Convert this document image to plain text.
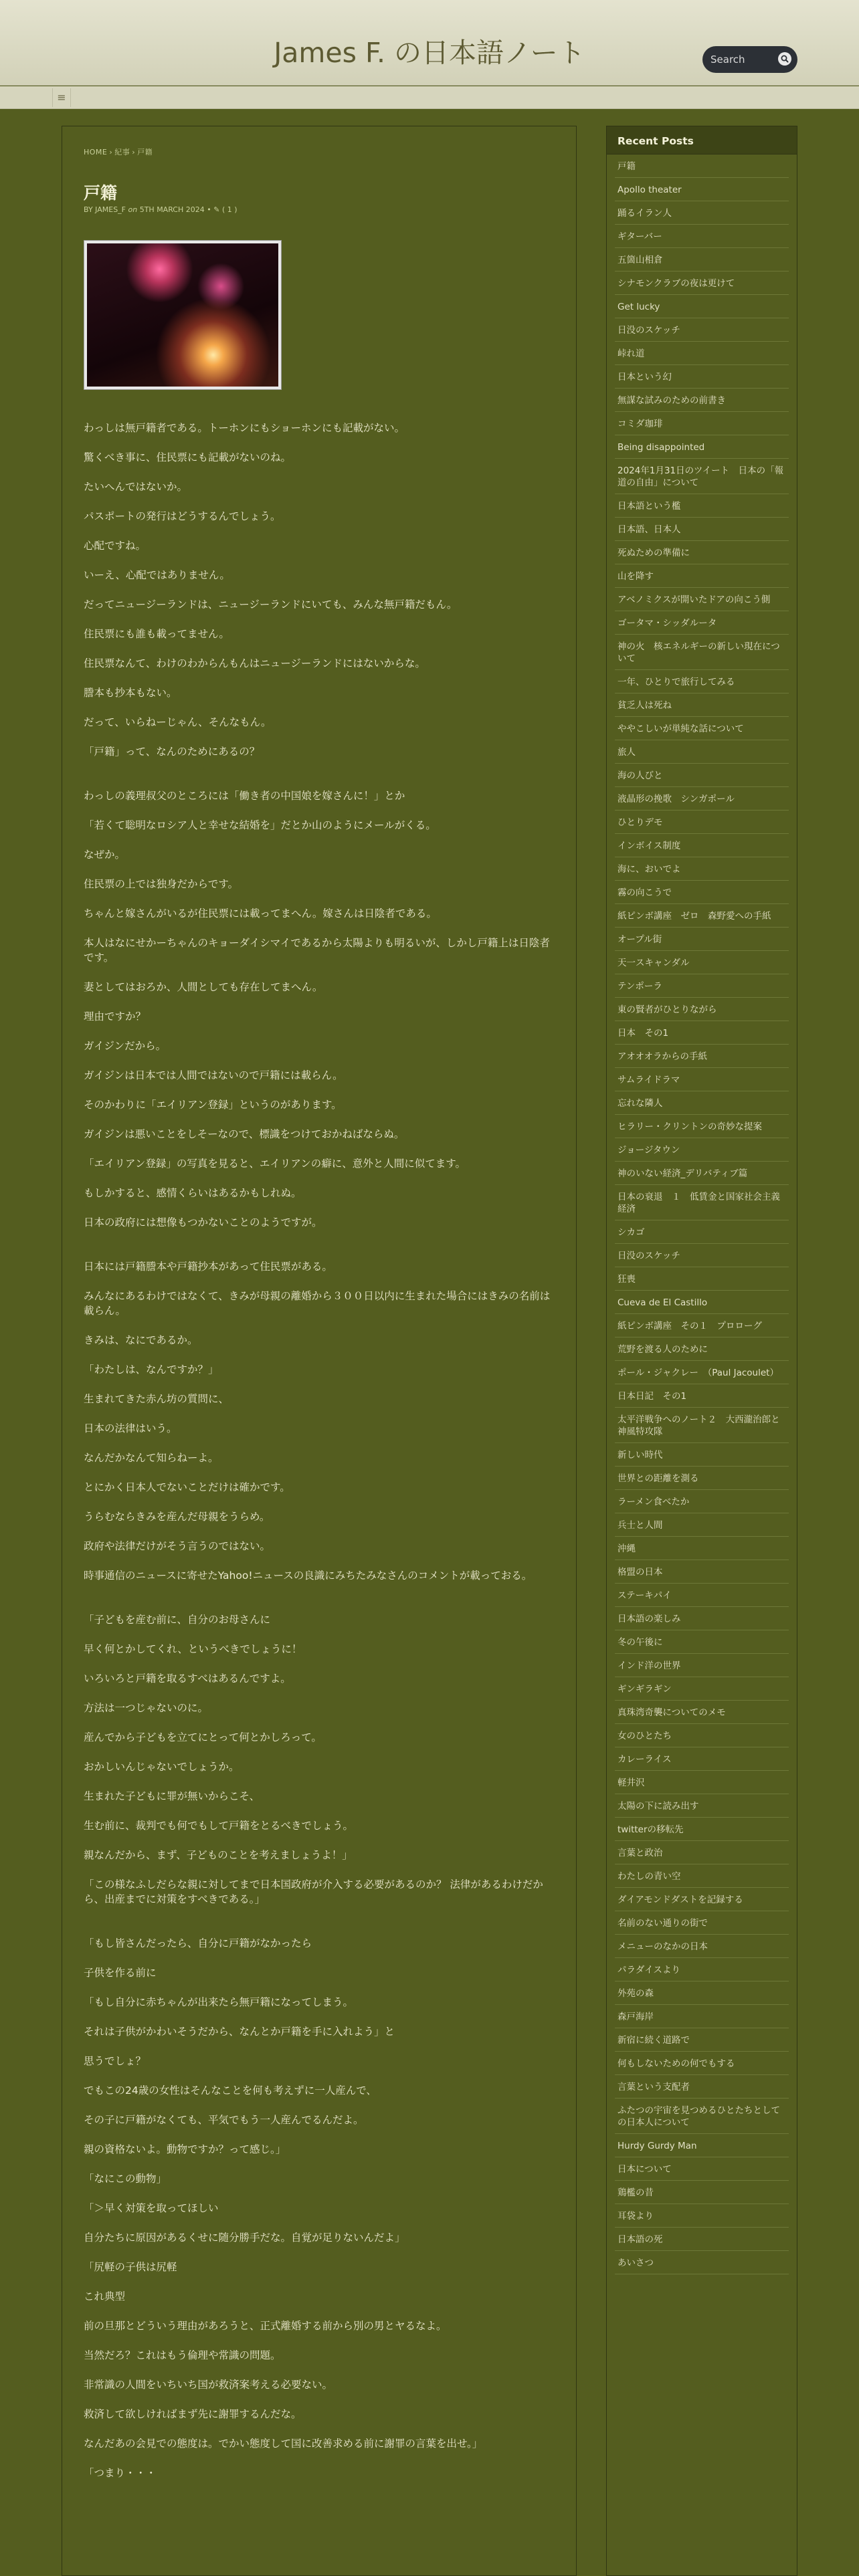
James F. の日本語ノート
Search
≡
HOME › 紀事 › 戸籍
戸籍
BY JAMES_F on 5TH MARCH 2024 • ✎ ( 1 )

わっしは無戸籍者である。トーホンにもショーホンにも記載がない。

驚くべき事に、住民票にも記載がないのね。

たいへんではないか。

パスポートの発行はどうするんでしょう。

心配ですね。

いーえ、心配ではありません。

だってニュージーランドは、ニュージーランドにいても、みんな無戸籍だもん。

住民票にも誰も載ってません。

住民票なんて、わけのわからんもんはニュージーランドにはないからな。

謄本も抄本もない。

だって、いらねーじゃん、そんなもん。

「戸籍」って、なんのためにあるの？

わっしの義理叔父のところには「働き者の中国娘を嫁さんに！」とか

「若くて聡明なロシア人と幸せな結婚を」だとか山のようにメールがくる。

なぜか。

住民票の上では独身だからです。

ちゃんと嫁さんがいるが住民票には載ってまへん。嫁さんは日陰者である。

本人はなにせかーちゃんのキョーダイシマイであるから太陽よりも明るいが、しかし戸籍上は日陰者です。

妻としてはおろか、人間としても存在してまへん。

理由ですか？

ガイジンだから。

ガイジンは日本では人間ではないので戸籍には載らん。

そのかわりに「エイリアン登録」というのがあります。

ガイジンは悪いことをしそーなので、標識をつけておかねばならぬ。

「エイリアン登録」の写真を見ると、エイリアンの癖に、意外と人間に似てます。

もしかすると、感情くらいはあるかもしれぬ。

日本の政府には想像もつかないことのようですが。

日本には戸籍謄本や戸籍抄本があって住民票がある。

みんなにあるわけではなくて、きみが母親の離婚から３００日以内に生まれた場合にはきみの名前は載らん。

きみは、なにであるか。

「わたしは、なんですか？」

生まれてきた赤ん坊の質問に、

日本の法律はいう。

なんだかなんて知らねーよ。

とにかく日本人でないことだけは確かです。

うらむならきみを産んだ母親をうらめ。

政府や法律だけがそう言うのではない。

時事通信のニュースに寄せたYahoo!ニュースの良識にみちたみなさんのコメントが載っておる。

「子どもを産む前に、自分のお母さんに

早く何とかしてくれ、というべきでしょうに！

いろいろと戸籍を取るすべはあるんですよ。

方法は一つじゃないのに。

産んでから子どもを立てにとって何とかしろって。

おかしいんじゃないでしょうか。

生まれた子どもに罪が無いからこそ、

生む前に、裁判でも何でもして戸籍をとるべきでしょう。

親なんだから、まず、子どものことを考えましょうよ！」

「この様なふしだらな親に対してまで日本国政府が介入する必要があるのか？ 法律があるわけだから、出産までに対策をすべきである。」

「もし皆さんだったら、自分に戸籍がなかったら

子供を作る前に

「もし自分に赤ちゃんが出来たら無戸籍になってしまう。

それは子供がかわいそうだから、なんとか戸籍を手に入れよう」と

思うでしょ？

でもこの24歳の女性はそんなことを何も考えずに一人産んで、

その子に戸籍がなくても、平気でもう一人産んでるんだよ。

親の資格ないよ。動物ですか？って感じ。」

「なにこの動物」

「＞早く対策を取ってほしい

自分たちに原因があるくせに随分勝手だな。自覚が足りないんだよ」

「尻軽の子供は尻軽

これ典型

前の旦那とどういう理由があろうと、正式離婚する前から別の男とヤるなよ。

当然だろ？これはもう倫理や常識の問題。

非常識の人間をいちいち国が救済案考える必要ない。

救済して欲しければまず先に謝罪するんだな。

なんだあの会見での態度は。でかい態度して国に改善求める前に謝罪の言葉を出せ。」

「つまり・・・

Recent Posts
戸籍
Apollo theater
踊るイラン人
ギターバー
五箇山相倉
シナモンクラブの夜は更けて
Get lucky
日没のスケッチ
峠れ道
日本という幻
無謀な試みのための前書き
コミダ珈琲
Being disappointed
2024年1月31日のツイート　日本の「報道の自由」について
日本語という檻
日本語、日本人
死ぬための準備に
山を降す
アベノミクスが開いたドアの向こう側
ゴータマ・シッダルータ
神の火　核エネルギーの新しい現在について
一年、ひとりで旅行してみる
貧乏人は死ね
ややこしいが単純な話について
旅人
海の人びと
液晶形の挽歌　シンガポール
ひとりデモ
インボイス制度
海に、おいでよ
霧の向こうで
紙ピンボ講座　ゼロ　森野愛への手紙
オープル街
天一スキャンダル
テンポーラ
東の賢者がひとりながら
日本　その1
アオオオラからの手紙
サムライドラマ
忘れな隣人
ヒラリー・クリントンの奇妙な提案
ジョージタウン
神のいない経済_デリバティブ篇
日本の衰退　１　低賃金と国家社会主義経済
シカゴ
日没のスケッチ
狂喪
Cueva de El Castillo
紙ピンボ講座　その１　プロローグ
荒野を渡る人のために
ポール・ジャクレー　（Paul Jacoulet）
日本日記　その1
太平洋戦争へのノート２　大西瀧治郎と神風特攻隊
新しい時代
世界との距離を測る
ラーメン食べたか
兵士と人間
沖縄
格盟の日本
ステーキパイ
日本語の楽しみ
冬の午後に
インド洋の世界
ギンギラギン
真珠湾奇襲についてのメモ
女のひとたち
カレーライス
軽井沢
太陽の下に読み出す
twitterの移転先
言葉と政治
わたしの青い空
ダイアモンドダストを記録する
名前のない通りの街で
メニューのなかの日本
パラダイスより
外苑の森
森戸海岸
新宿に続く道路で
何もしないための何でもする
言葉という支配者
ふたつの宇宙を見つめるひとたちとしての日本人について
Hurdy Gurdy Man
日本について
鶏檻の昔
耳袋より
日本語の死
あいさつ
